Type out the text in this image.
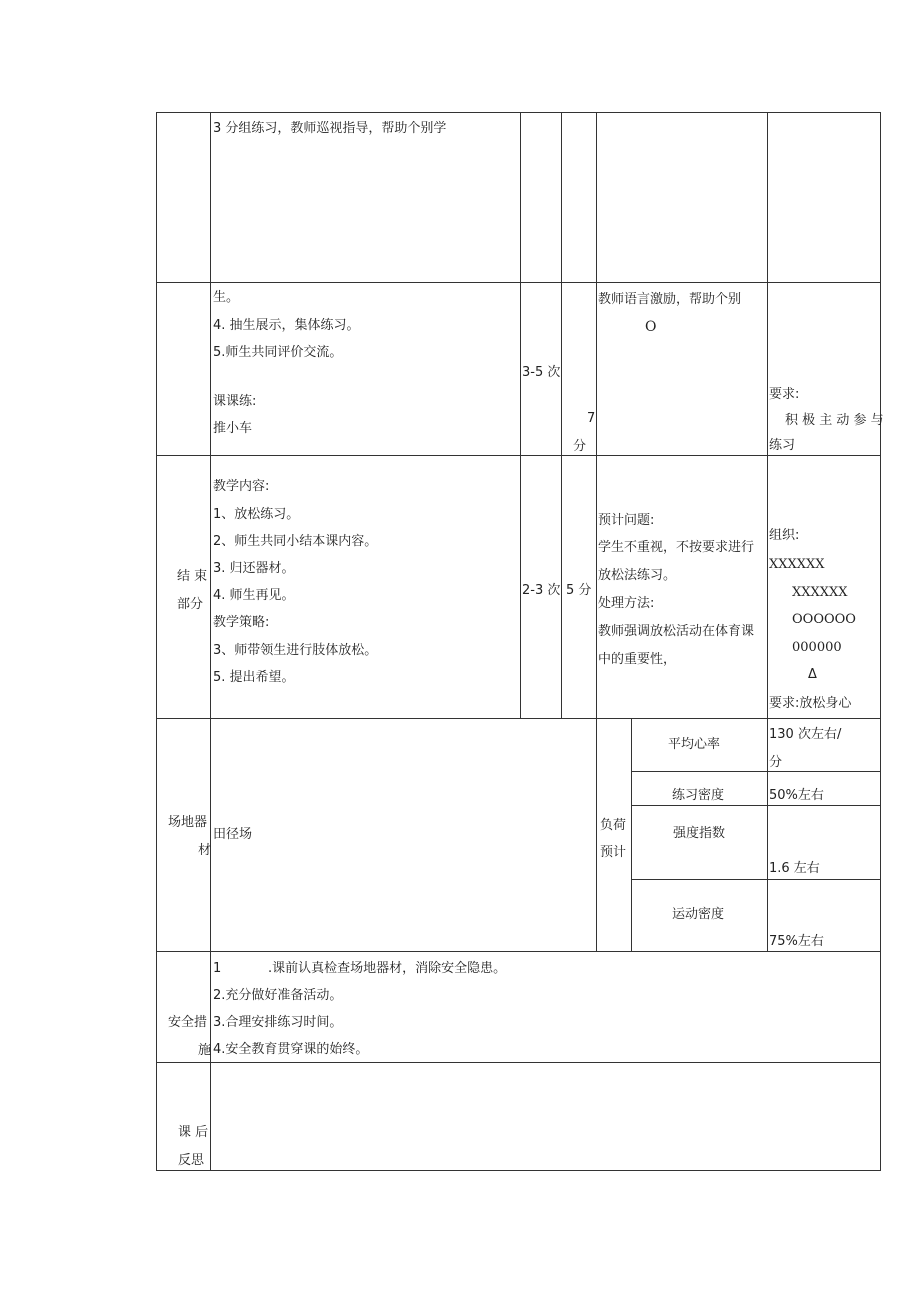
3 分组练习，教师巡视指导，帮助个别学
生。
4. 抽生展示，集体练习。
5.师生共同评价交流。
课课练:
推小车
3-5 次
7
分
教师语言激励，帮助个别
O
要求:
积 极 主 动 参 与
练习
结 束
部分
教学内容:
1、放松练习。
2、师生共同小结本课内容。
3. 归还器材。
4. 师生再见。
教学策略:
3、师带领生进行肢体放松。
5. 提出希望。
2-3 次 5 分
预计问题:
学生不重视，不按要求进行
放松法练习。
处理方法:
教师强调放松活动在体育课
中的重要性，
组织:
XXXXXX
XXXXXX
OOOOOO
000000
Δ
要求:放松身心
场地器
材
田径场
负荷
预计
平均心率
130 次左右/
分
练习密度	50%左右
强度指数
1.6 左右
运动密度
75%左右
安全措
施
1	.课前认真检查场地器材，消除安全隐患。
2.充分做好准备活动。
3.合理安排练习时间。
4.安全教育贯穿课的始终。
课 后
反思
